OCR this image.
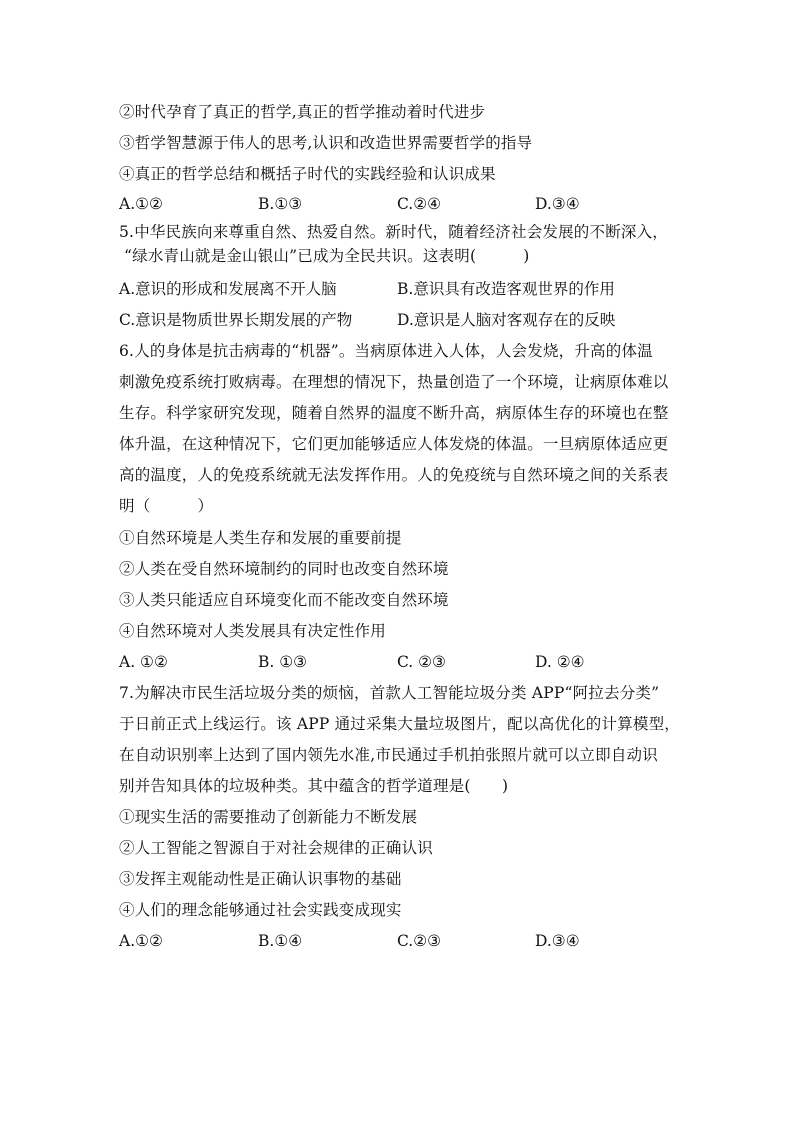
②时代孕育了真正的哲学,真正的哲学推动着时代进步
③哲学智慧源于伟人的思考,认识和改造世界需要哲学的指导
④真正的哲学总结和概括子时代的实践经验和认识成果
A.①②	B.①③	C.②④	D.③④
5.中华民族向来尊重自然、热爱自然。新时代，随着经济社会发展的不断深入，
“绿水青山就是金山银山”已成为全民共识。这表明(　　　)
A.意识的形成和发展离不开人脑	B.意识具有改造客观世界的作用
C.意识是物质世界长期发展的产物	D.意识是人脑对客观存在的反映
6.人的身体是抗击病毒的“机器”。当病原体进入人体，人会发烧，升高的体温
刺激免疫系统打败病毒。在理想的情况下，热量创造了一个环境，让病原体难以
生存。科学家研究发现，随着自然界的温度不断升高，病原体生存的环境也在整
体升温，在这种情况下，它们更加能够适应人体发烧的体温。一旦病原体适应更
高的温度，人的免疫系统就无法发挥作用。人的免疫统与自然环境之间的关系表
明（　　　）
①自然环境是人类生存和发展的重要前提
②人类在受自然环境制约的同时也改变自然环境
③人类只能适应自环境变化而不能改变自然环境
④自然环境对人类发展具有决定性作用
A. ①②	B. ①③	C. ②③	D. ②④
7.为解决市民生活垃圾分类的烦恼，首款人工智能垃圾分类 APP“阿拉去分类”
于日前正式上线运行。该 APP 通过采集大量垃圾图片，配以高优化的计算模型，
在自动识别率上达到了国内领先水准,市民通过手机拍张照片就可以立即自动识
别并告知具体的垃圾种类。其中蕴含的哲学道理是(　　)
①现实生活的需要推动了创新能力不断发展
②人工智能之智源自于对社会规律的正确认识
③发挥主观能动性是正确认识事物的基础
④人们的理念能够通过社会实践变成现实
A.①②	B.①④	C.②③	D.③④
